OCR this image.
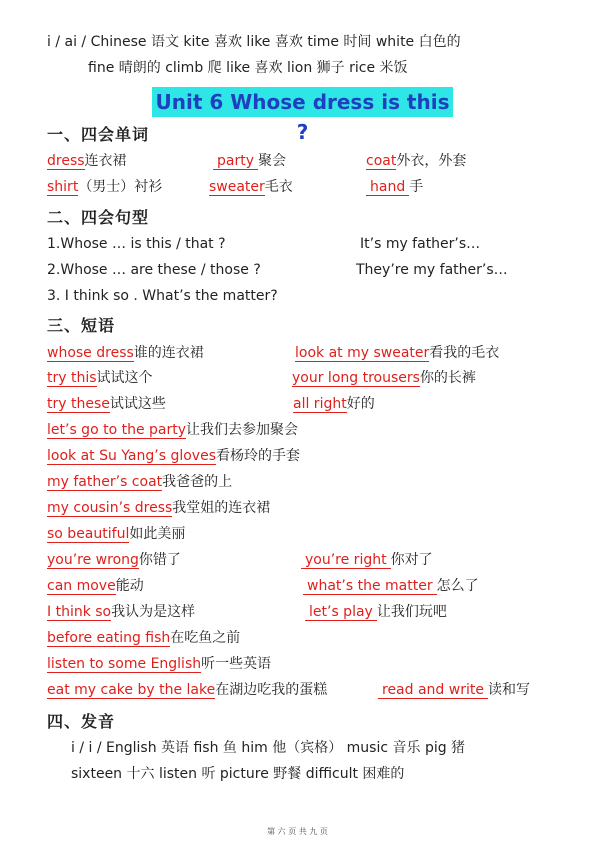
i / ai / Chinese 语文 kite 喜欢 like 喜欢 time 时间 white 白色的
fine 晴朗的 climb 爬 like 喜欢 lion 狮子 rice 米饭
Unit 6 Whose dress is this ?
一、四会单词
dress连衣裙	party 聚会	coat外衣，外套
shirt（男士）衬衫	sweater毛衣	hand 手
二、四会句型
1.Whose … is this / that ?	It’s my father’s…
2.Whose … are these / those ?	They’re my father’s…
3. I think so . What’s the matter?
三、短语
whose dress谁的连衣裙	look at my sweater看我的毛衣
try this试试这个	your long trousers你的长裤
try these试试这些	all right好的
let’s go to the party让我们去参加聚会
look at Su Yang’s gloves看杨玲的手套
my father’s coat我爸爸的上
my cousin’s dress我堂姐的连衣裙
so beautiful如此美丽
you’re wrong你错了	you’re right 你对了
can move能动	what’s the matter 怎么了
I think so我认为是这样	let’s play 让我们玩吧
before eating fish在吃鱼之前
listen to some English听一些英语
eat my cake by the lake在湖边吃我的蛋糕	read and write 读和写
四、发音
i / i / English 英语 fish 鱼 him 他（宾格） music 音乐 pig 猪
sixteen 十六 listen 听 picture 野餐 difficult 困难的
第 六 页 共 九 页
